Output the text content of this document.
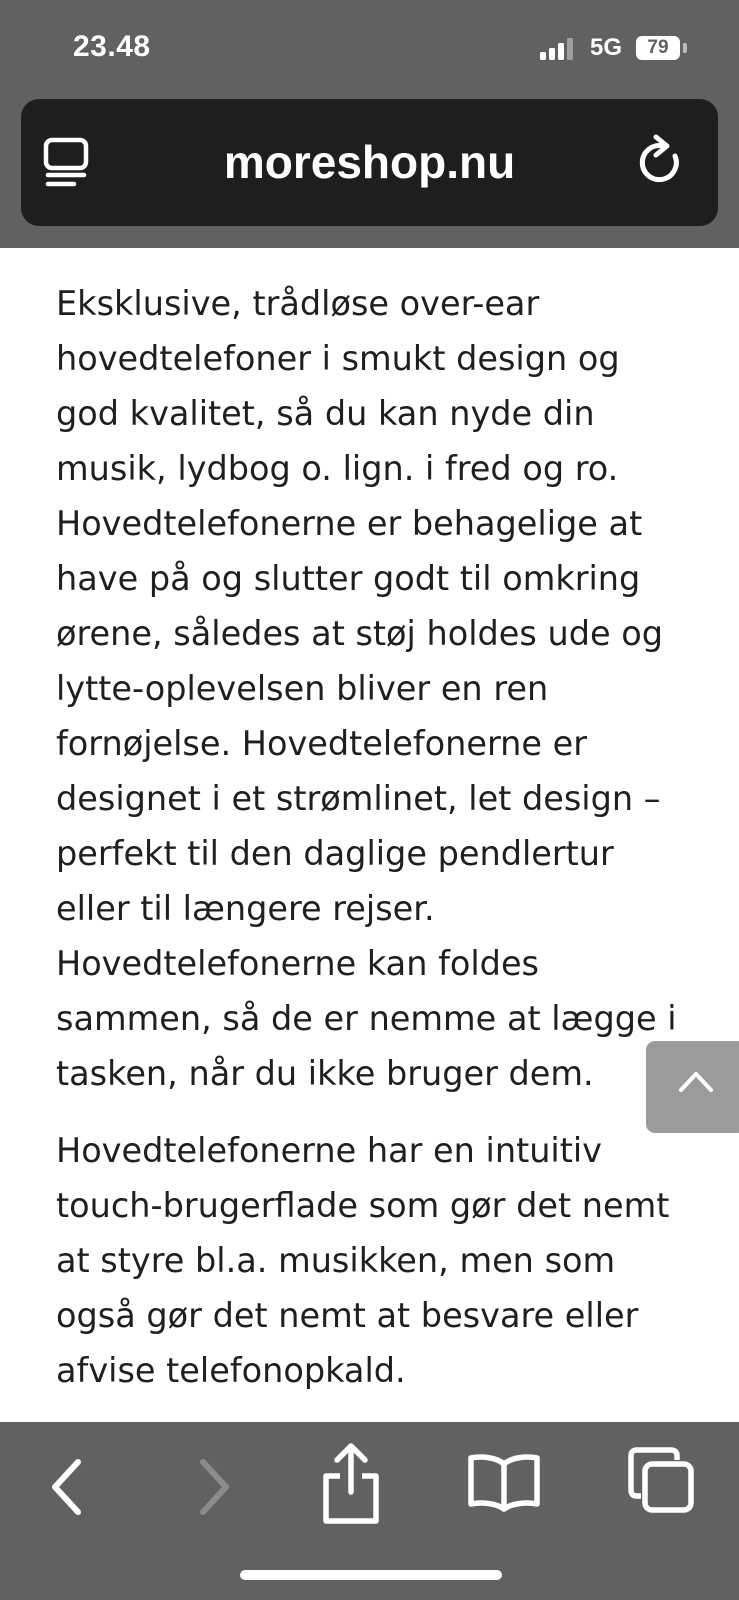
23.48	5G	79
moreshop.nu

Eksklusive, trådløse over-ear hovedtelefoner i smukt design og god kvalitet, så du kan nyde din musik, lydbog o. lign. i fred og ro. Hovedtelefonerne er behagelige at have på og slutter godt til omkring ørene, således at støj holdes ude og lytte-oplevelsen bliver en ren fornøjelse. Hovedtelefonerne er designet i et strømlinet, let design – perfekt til den daglige pendlertur eller til længere rejser. Hovedtelefonerne kan foldes sammen, så de er nemme at lægge i tasken, når du ikke bruger dem.

Hovedtelefonerne har en intuitiv touch-brugerflade som gør det nemt at styre bl.a. musikken, men som også gør det nemt at besvare eller afvise telefonopkald.
